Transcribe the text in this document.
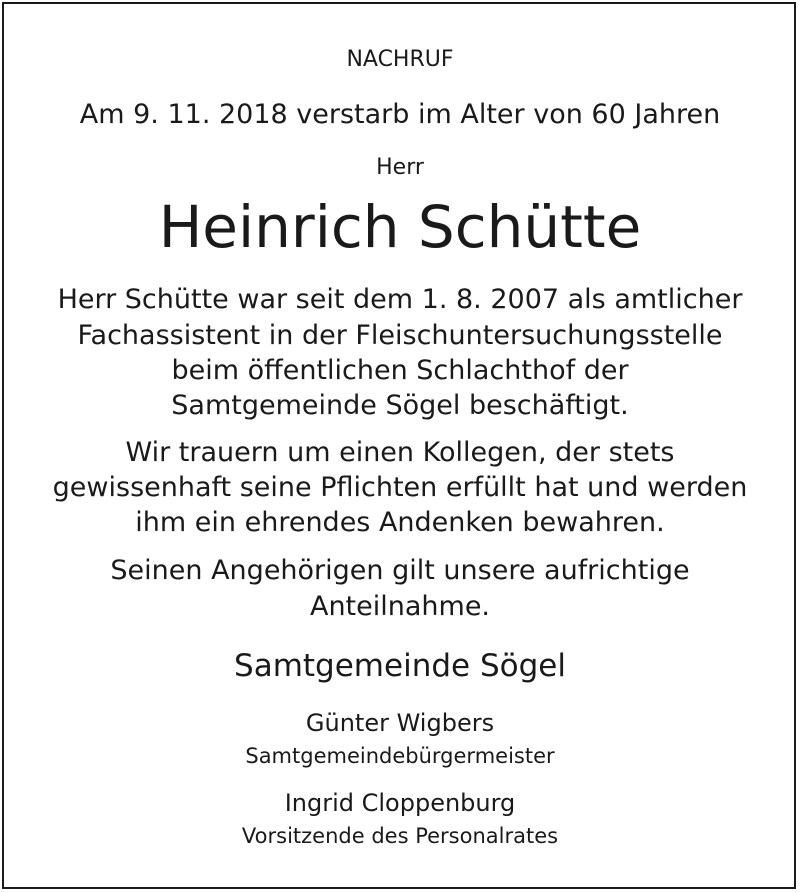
NACHRUF
Am 9. 11. 2018 verstarb im Alter von 60 Jahren
Herr
Heinrich Schütte
Herr Schütte war seit dem 1. 8. 2007 als amtlicher
Fachassistent in der Fleischuntersuchungsstelle
beim öffentlichen Schlachthof der
Samtgemeinde Sögel beschäftigt.
Wir trauern um einen Kollegen, der stets
gewissenhaft seine Pflichten erfüllt hat und werden
ihm ein ehrendes Andenken bewahren.
Seinen Angehörigen gilt unsere aufrichtige
Anteilnahme.
Samtgemeinde Sögel
Günter Wigbers
Samtgemeindebürgermeister
Ingrid Cloppenburg
Vorsitzende des Personalrates
